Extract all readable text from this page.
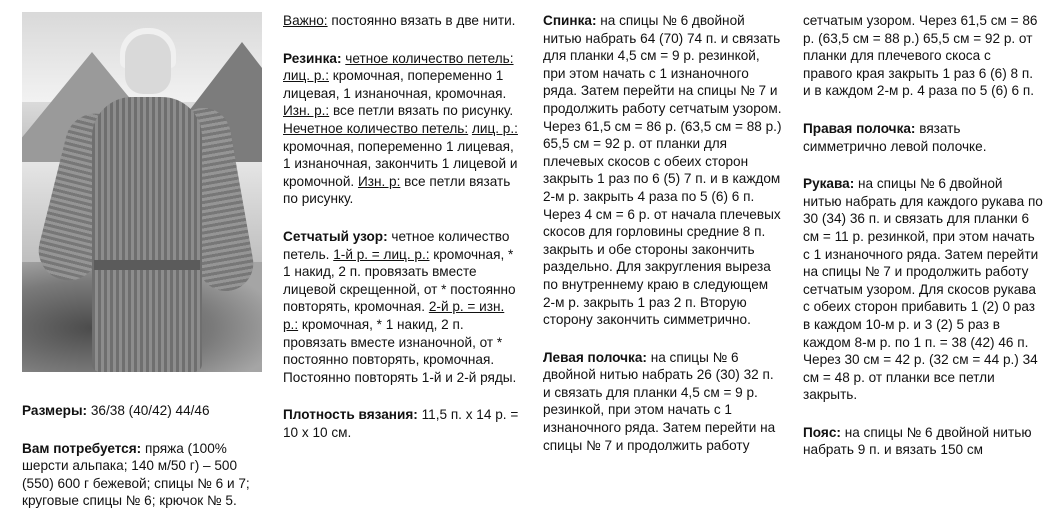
Размеры: 36/38 (40/42) 44/46

Вам потребуется: пряжа (100% шерсти альпака; 140 м/50 г) – 500 (550) 600 г бежевой; спицы № 6 и 7; круговые спицы № 6; крючок № 5.

Важно: постоянно вязать в две нити.

Резинка: четное количество петель: лиц. р.: кромочная, попеременно 1 лицевая, 1 изнаночная, кромочная. Изн. р.: все петли вязать по рисунку. Нечетное количество петель: лиц. р.: кромочная, попеременно 1 лицевая, 1 изнаночная, закончить 1 лицевой и кромочной. Изн. р: все петли вязать по рисунку.

Сетчатый узор: четное количество петель. 1-й р. = лиц. р.: кромочная, * 1 накид, 2 п. провязать вместе лицевой скрещенной, от * постоянно повторять, кромочная. 2-й р. = изн. р.: кромочная, * 1 накид, 2 п. провязать вместе изнаночной, от * постоянно повторять, кромочная. Постоянно повторять 1-й и 2-й ряды.

Плотность вязания: 11,5 п. х 14 р. = 10 х 10 см.

Спинка: на спицы № 6 двойной нитью набрать 64 (70) 74 п. и связать для планки 4,5 см = 9 р. резинкой, при этом начать с 1 изнаночного ряда. Затем перейти на спицы № 7 и продолжить работу сетчатым узором. Через 61,5 см = 86 р. (63,5 см = 88 р.) 65,5 см = 92 р. от планки для плечевых скосов с обеих сторон закрыть 1 раз по 6 (5) 7 п. и в каждом 2-м р. закрыть 4 раза по 5 (6) 6 п. Через 4 см = 6 р. от начала плечевых скосов для горловины средние 8 п. закрыть и обе стороны закончить раздельно. Для закругления выреза по внутреннему краю в следующем 2-м р. закрыть 1 раз 2 п. Вторую сторону закончить симметрично.

Левая полочка: на спицы № 6 двойной нитью набрать 26 (30) 32 п. и связать для планки 4,5 см = 9 р. резинкой, при этом начать с 1 изнаночного ряда. Затем перейти на спицы № 7 и продолжить работу

сетчатым узором. Через 61,5 см = 86 р. (63,5 см = 88 р.) 65,5 см = 92 р. от планки для плечевого скоса с правого края закрыть 1 раз 6 (6) 8 п. и в каждом 2-м р. 4 раза по 5 (6) 6 п.

Правая полочка: вязать симметрично левой полочке.

Рукава: на спицы № 6 двойной нитью набрать для каждого рукава по 30 (34) 36 п. и связать для планки 6 см = 11 р. резинкой, при этом начать с 1 изнаночного ряда. Затем перейти на спицы № 7 и продолжить работу сетчатым узором. Для скосов рукава с обеих сторон прибавить 1 (2) 0 раз в каждом 10-м р. и 3 (2) 5 раз в каждом 8-м р. по 1 п. = 38 (42) 46 п. Через 30 см = 42 р. (32 см = 44 р.) 34 см = 48 р. от планки все петли закрыть.

Пояс: на спицы № 6 двойной нитью набрать 9 п. и вязать 150 см
